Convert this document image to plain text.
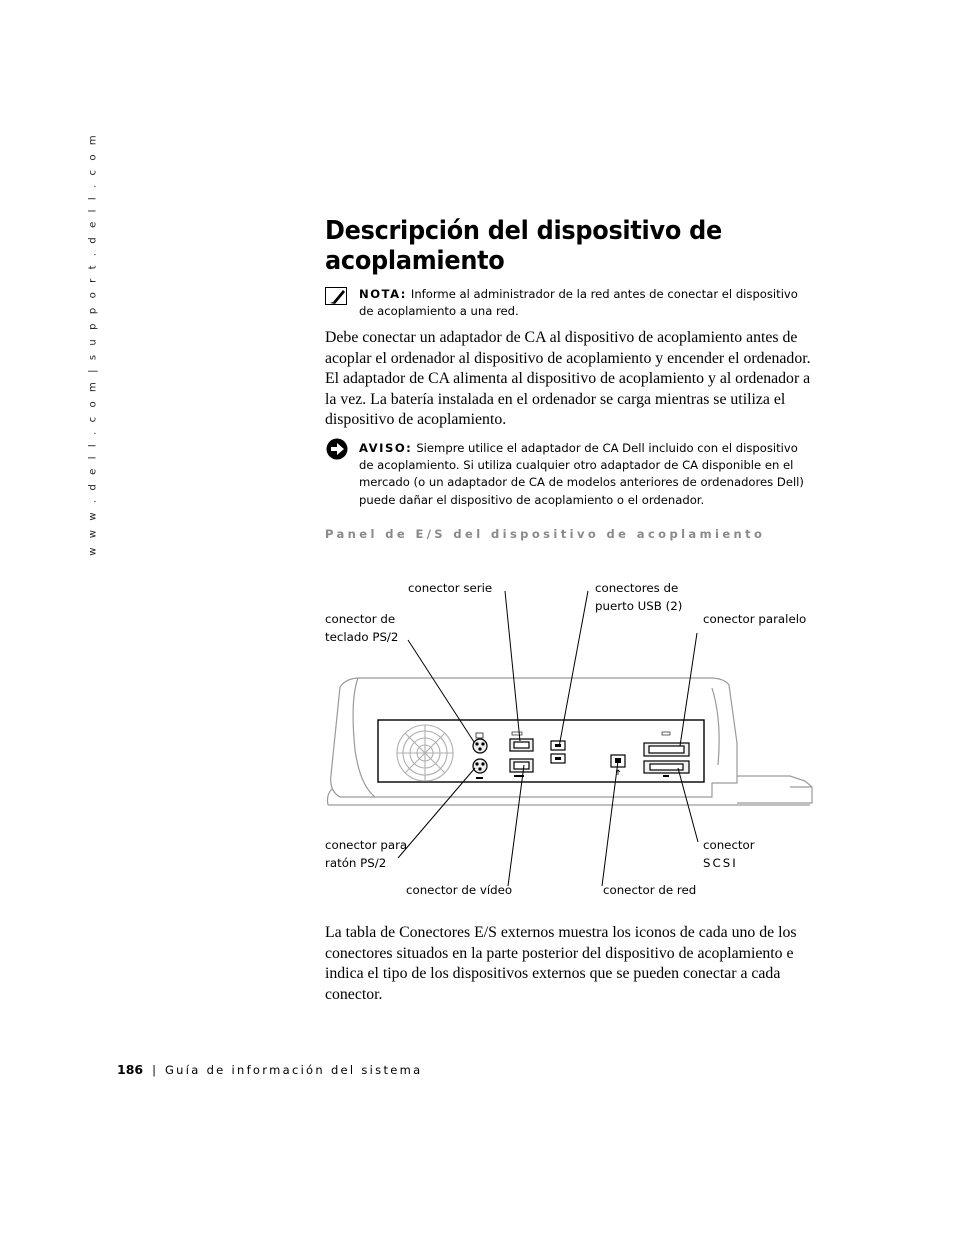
w w w . d e l l . c o m | s u p p o r t . d e l l . c o m	Descripción del dispositivo de
acoplamiento
NOTA: Informe al administrador de la red antes de conectar el dispositivo de acoplamiento a una red.
Debe conectar un adaptador de CA al dispositivo de acoplamiento antes de acoplar el ordenador al dispositivo de acoplamiento y encender el ordenador. El adaptador de CA alimenta al dispositivo de acoplamiento y al ordenador a la vez. La batería instalada en el ordenador se carga mientras se utiliza el dispositivo de acoplamiento.
AVISO: Siempre utilice el adaptador de CA Dell incluido con el dispositivo de acoplamiento. Si utiliza cualquier otro adaptador de CA disponible en el mercado (o un adaptador de CA de modelos anteriores de ordenadores Dell) puede dañar el dispositivo de acoplamiento o el ordenador.
Panel de E/S del dispositivo de acoplamiento
conector serie	conectores de
puerto USB (2)
conector de
teclado PS/2
conector paralelo
conector para
ratón PS/2
conector
SCSI
conector de vídeo	conector de red
La tabla de Conectores E/S externos muestra los iconos de cada uno de los conectores situados en la parte posterior del dispositivo de acoplamiento e indica el tipo de los dispositivos externos que se pueden conectar a cada conector.
186 | Guía de información del sistema
